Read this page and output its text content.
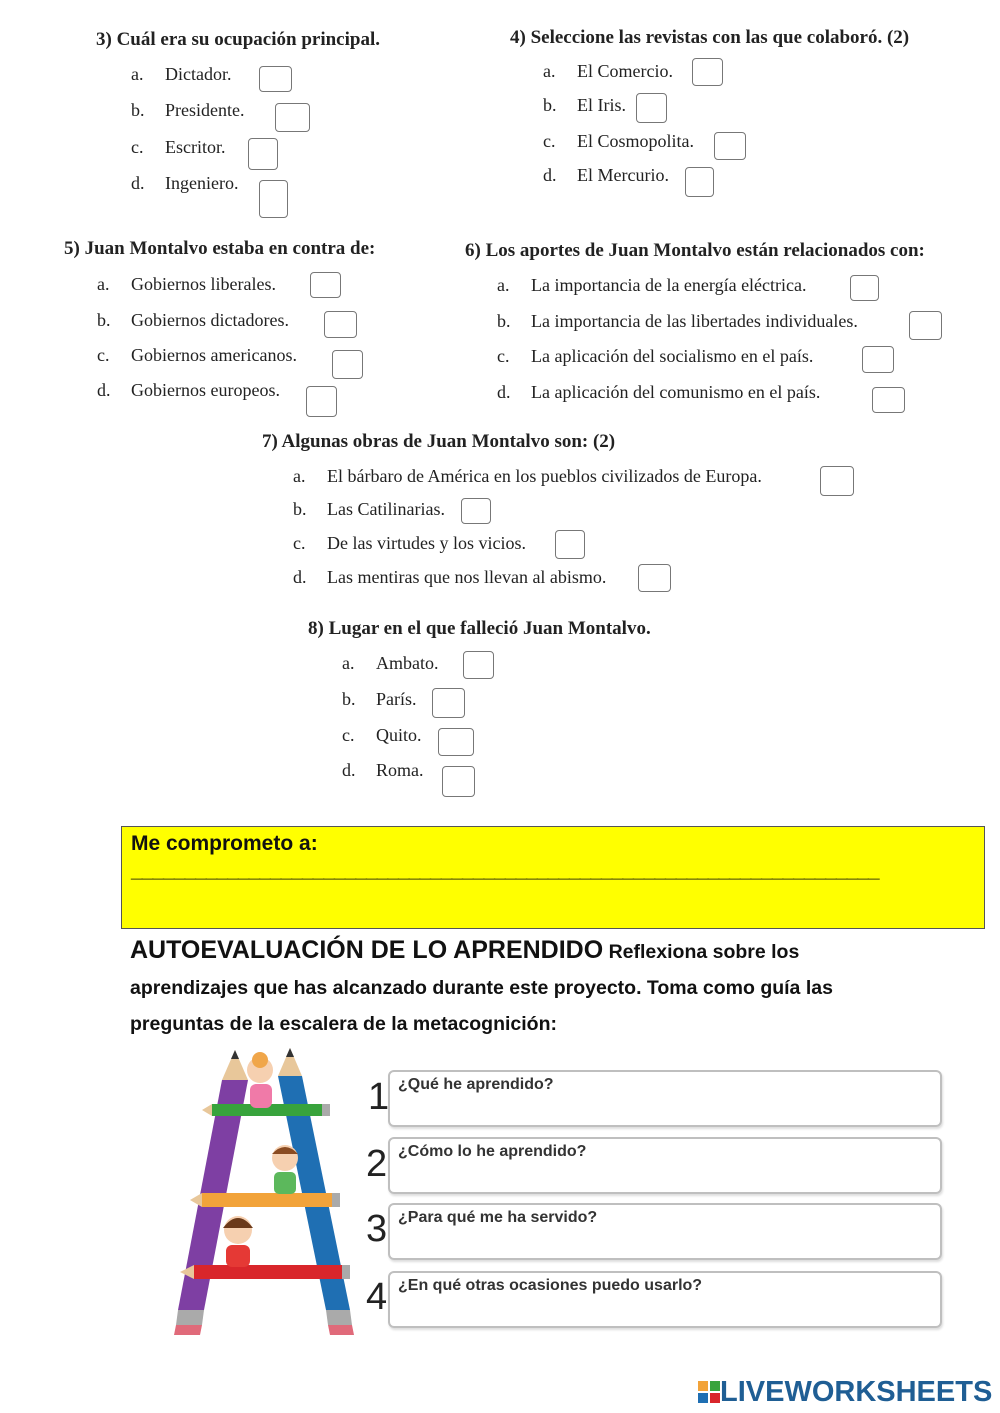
3) Cuál era su ocupación principal.
a. Dictador.
b. Presidente.
c. Escritor.
d. Ingeniero.
4) Seleccione las revistas con las que colaboró. (2)
a. El Comercio.
b. El Iris.
c. El Cosmopolita.
d. El Mercurio.
5) Juan Montalvo estaba en contra de:
a. Gobiernos liberales.
b. Gobiernos dictadores.
c. Gobiernos americanos.
d. Gobiernos europeos.
6) Los aportes de Juan Montalvo están relacionados con:
a. La importancia de la energía eléctrica.
b. La importancia de las libertades individuales.
c. La aplicación del socialismo en el país.
d. La aplicación del comunismo en el país.
7) Algunas obras de Juan Montalvo son: (2)
a. El bárbaro de América en los pueblos civilizados de Europa.
b. Las Catilinarias.
c. De las virtudes y los vicios.
d. Las mentiras que nos llevan al abismo.
8) Lugar en el que falleció Juan Montalvo.
a. Ambato.
b. París.
c. Quito.
d. Roma.
Me comprometo a:
______________________________________________________________________
AUTOEVALUACIÓN DE LO APRENDIDO Reflexiona sobre los aprendizajes que has alcanzado durante este proyecto. Toma como guía las preguntas de la escalera de la metacognición:
1 ¿Qué he aprendido?
2 ¿Cómo lo he aprendido?
3 ¿Para qué me ha servido?
4 ¿En qué otras ocasiones puedo usarlo?
LIVEWORKSHEETS
